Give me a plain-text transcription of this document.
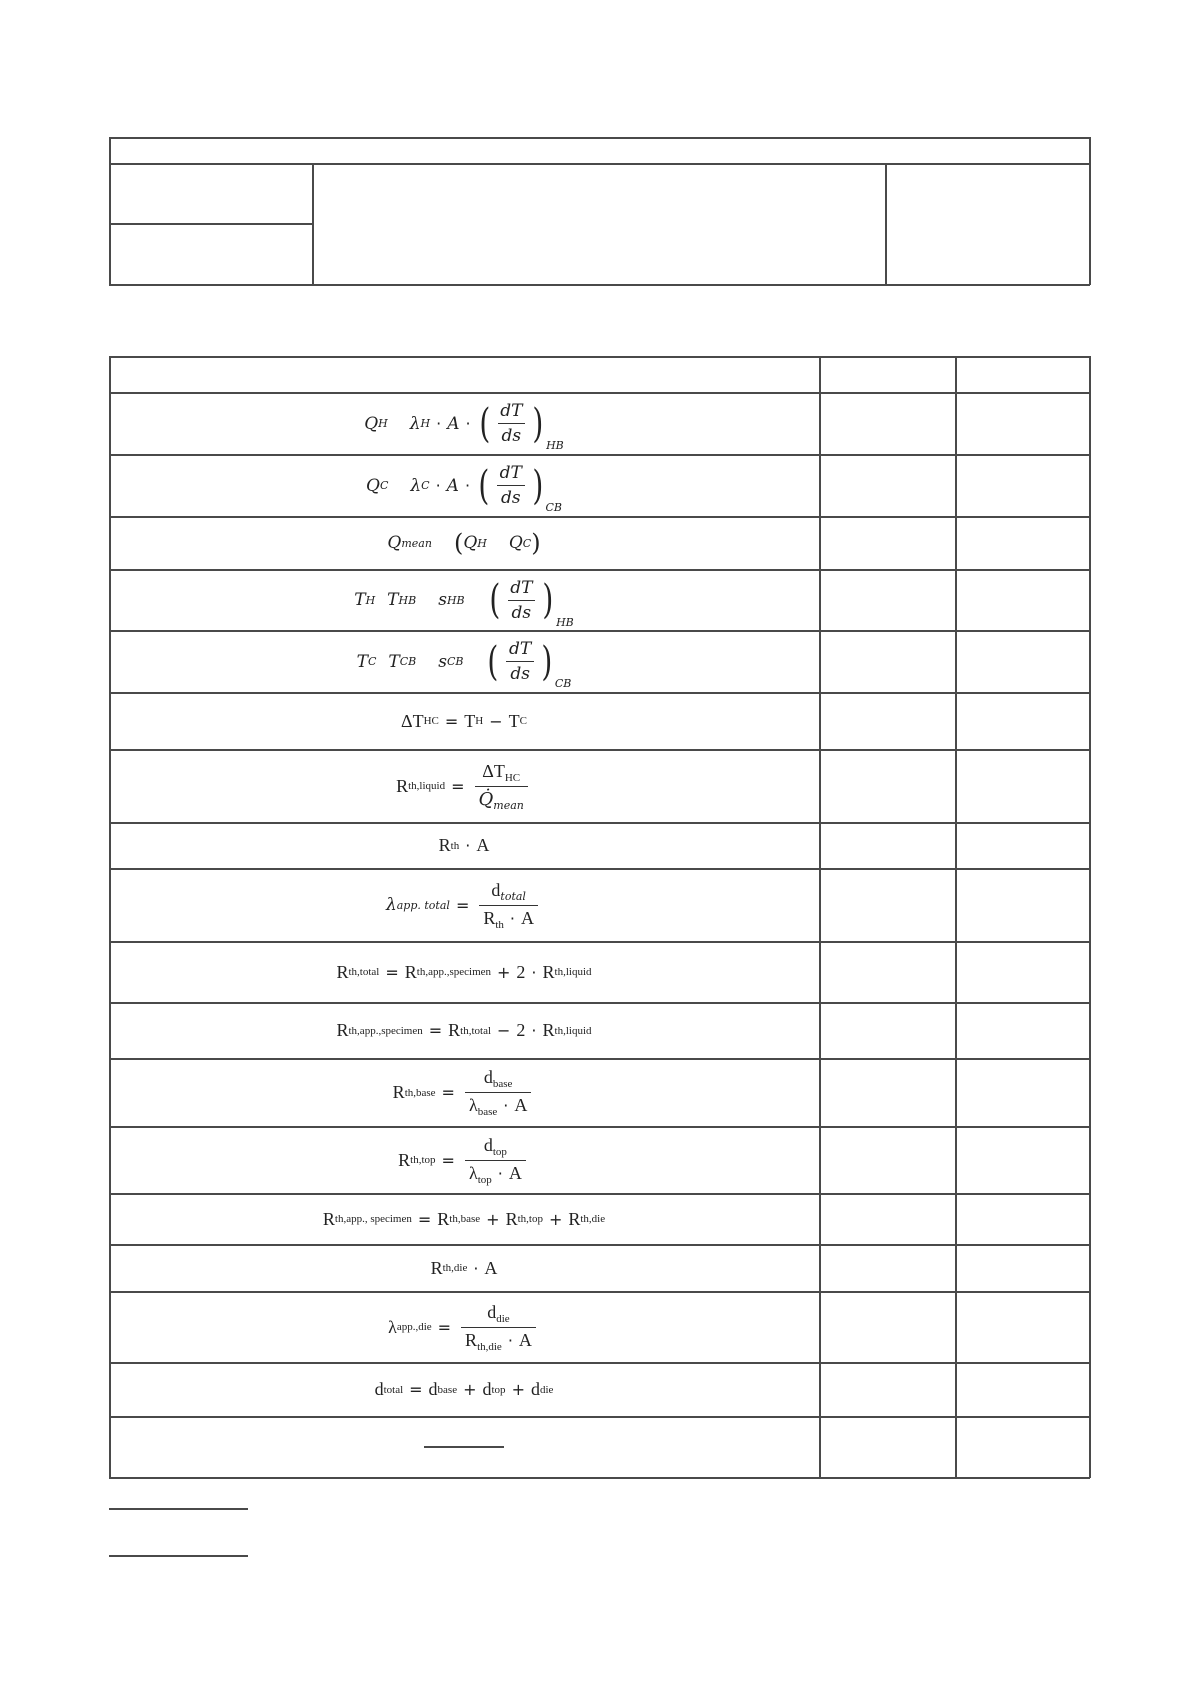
Q H λ H · A · ( $\frac{dT}{ds}$ ) HB
Q C λ C · A · ( $\frac{dT}{ds}$ ) CB
Q mean ( Q H Q C )
T H T HB s HB ( $\frac{dT}{ds}$ ) HB
T C T CB s CB ( $\frac{dT}{ds}$ ) CB
ΔT HC = T H − T C
R th,liquid = $\frac{\Delta T_{HC}}{Q̇_{mean}}$
R th · A
λ app. total = $\frac{d_{total}}{R_{th} \cdot A}$
R th,total = R th,app.,specimen + 2 · R th,liquid
R th,app.,specimen = R th,total − 2 · R th,liquid
R th,base = $\frac{d_{base}}{\lambda_{base} \cdot A}$
R $th,top = \frac{d_{top}}{\lambda_{top} \cdot A}$
R th,app., specimen = R th,base + R th,top + R th,die
R th,die · A
λ $app.,die = \frac{d_{die}}{R_{th,die} \cdot A}$
d total = d base + d top + d die
